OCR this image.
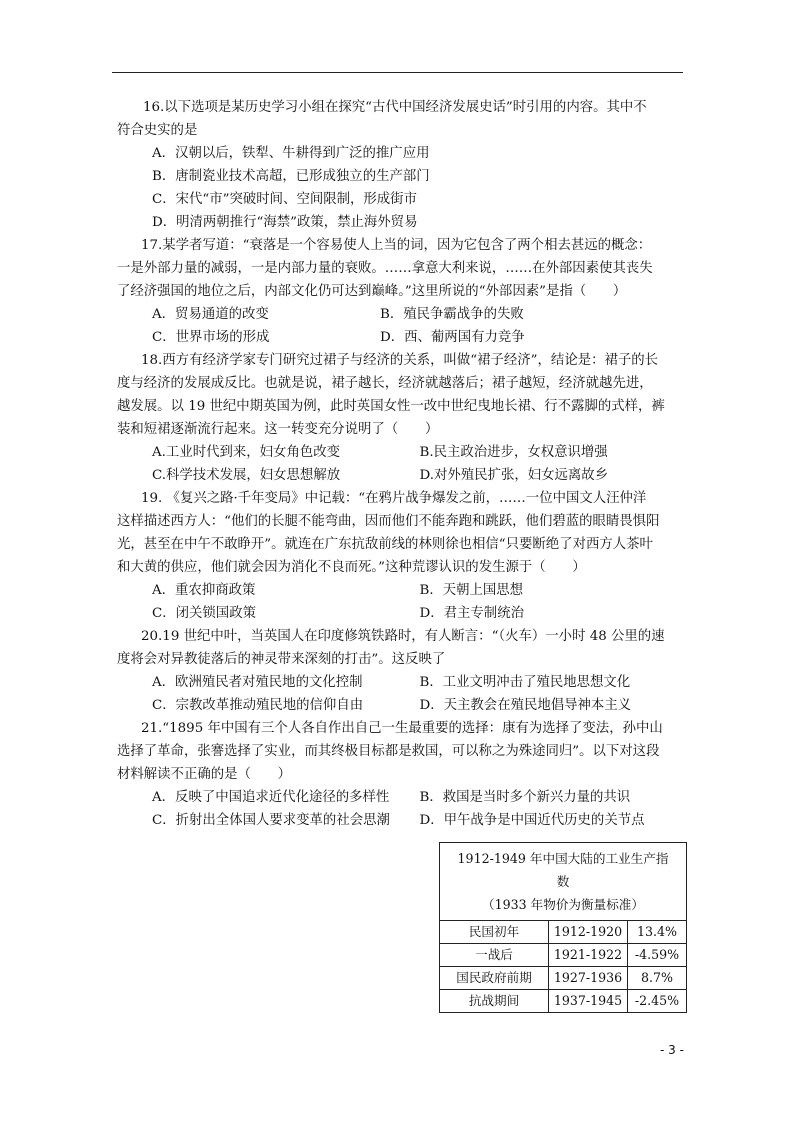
16.以下选项是某历史学习小组在探究“古代中国经济发展史话”时引用的内容。其中不

符合史实的是

A．汉朝以后，铁犁、牛耕得到广泛的推广应用

B．唐制瓷业技术高超，已形成独立的生产部门

C．宋代“市”突破时间、空间限制，形成街市

D．明清两朝推行“海禁”政策，禁止海外贸易

17.某学者写道：“衰落是一个容易使人上当的词，因为它包含了两个相去甚远的概念：

一是外部力量的减弱，一是内部力量的衰败。……拿意大利来说，……在外部因素使其丧失

了经济强国的地位之后，内部文化仍可达到巅峰。”这里所说的“外部因素”是指（　　）

A．贸易通道的改变	B．殖民争霸战争的失败
C．世界市场的形成	D．西、葡两国有力竞争

18.西方有经济学家专门研究过裙子与经济的关系，叫做“裙子经济”，结论是：裙子的长

度与经济的发展成反比。也就是说，裙子越长，经济就越落后；裙子越短，经济就越先进，

越发展。以 19 世纪中期英国为例，此时英国女性一改中世纪曳地长裙、行不露脚的式样，裤

装和短裙逐渐流行起来。这一转变充分说明了（　　）

A.工业时代到来，妇女角色改变	B.民主政治进步，女权意识增强
C.科学技术发展，妇女思想解放	D.对外殖民扩张，妇女远离故乡

19. 《复兴之路·千年变局》中记载：“在鸦片战争爆发之前，……一位中国文人汪仲洋

这样描述西方人：“他们的长腿不能弯曲，因而他们不能奔跑和跳跃，他们碧蓝的眼睛畏惧阳

光，甚至在中午不敢睁开”。就连在广东抗敌前线的林则徐也相信“只要断绝了对西方人茶叶

和大黄的供应，他们就会因为消化不良而死。”这种荒谬认识的发生源于（　　）

A．重农抑商政策	B．天朝上国思想
C．闭关锁国政策	D．君主专制统治

20.19 世纪中叶，当英国人在印度修筑铁路时，有人断言：“（火车）一小时 48 公里的速

度将会对异教徒落后的神灵带来深刻的打击”。这反映了

A．欧洲殖民者对殖民地的文化控制	B．工业文明冲击了殖民地思想文化
C．宗教改革推动殖民地的信仰自由	D．天主教会在殖民地倡导神本主义

21.“1895 年中国有三个人各自作出自己一生最重要的选择：康有为选择了变法，孙中山

选择了革命，张謇选择了实业，而其终极目标都是救国，可以称之为殊途同归”。以下对这段

材料解读不正确的是（　　）

A．反映了中国追求近代化途径的多样性	B．救国是当时多个新兴力量的共识
C．折射出全体国人要求变革的社会思潮	D．甲午战争是中国近代历史的关节点
1912-1949 年中国大陆的工业生产指
数
（1933 年物价为衡量标准）		

民国初年	1912-1920	13.4%
一战后	1921-1922	-4.59%
国民政府前期	1927-1936	8.7%
抗战期间	1937-1945	-2.45%
- 3 -
